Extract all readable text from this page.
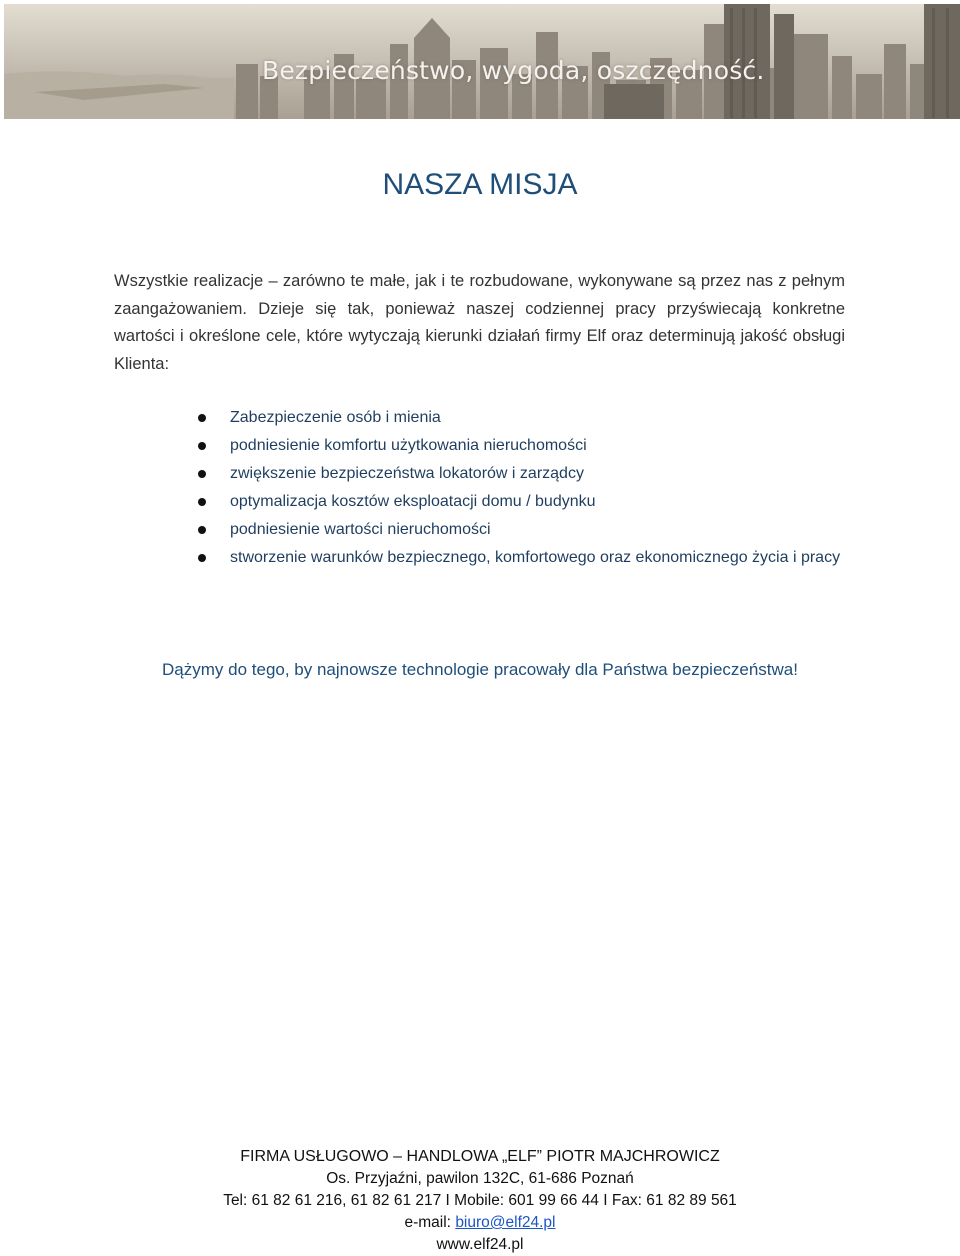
Bezpieczeństwo, wygoda, oszczędność.
NASZA MISJA
Wszystkie realizacje – zarówno te małe, jak i te rozbudowane, wykonywane są przez nas z pełnym zaangażowaniem. Dzieje się tak, ponieważ naszej codziennej pracy przyświecają konkretne wartości i określone cele, które wytyczają kierunki działań firmy Elf oraz determinują jakość obsługi Klienta:
Zabezpieczenie osób i mienia
podniesienie komfortu użytkowania nieruchomości
zwiększenie bezpieczeństwa lokatorów i zarządcy
optymalizacja kosztów eksploatacji domu / budynku
podniesienie wartości nieruchomości
stworzenie warunków bezpiecznego, komfortowego oraz ekonomicznego życia i pracy
Dążymy do tego, by najnowsze technologie pracowały dla Państwa bezpieczeństwa!
FIRMA USŁUGOWO – HANDLOWA „ELF” PIOTR MAJCHROWICZ
Os. Przyjaźni, pawilon 132C, 61-686 Poznań
Tel: 61 82 61 216, 61 82 61 217 I Mobile: 601 99 66 44 I Fax: 61 82 89 561
e-mail: biuro@elf24.pl
www.elf24.pl
